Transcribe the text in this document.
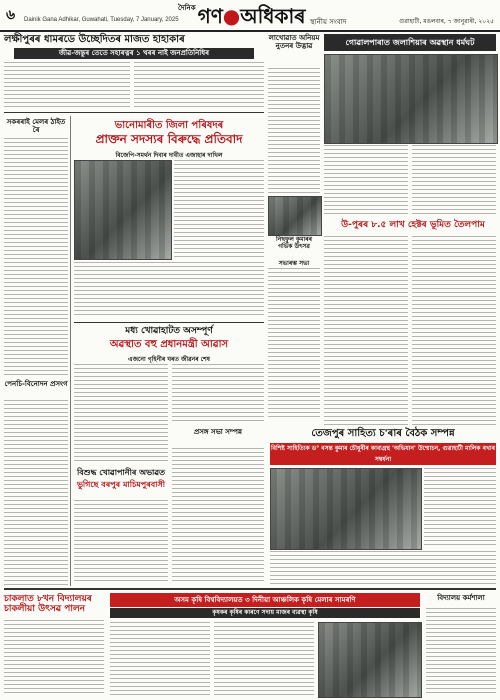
৬ Dainik Gana Adhikar, Guwahati, Tuesday, 7 January, 2025
$^{দৈনিক}$ গণ●অধিকাৰ স্থানীয় সংবাদ	গুৱাহাটী, মঙলবাৰ, ৭ জানুৱাৰী, ২০২৫
লক্ষীপুৰৰ ধামৰডে উচ্ছেদিতৰ মাজত হাহাকাৰ
জীৱ-জন্তুৰ তেতে সহাৰত্নৰ ১ খৰৰ নাই জনপ্ৰতিনিধিৰ
লাখোৱাত অনিয়ম নুতনৰ উদ্ভাৱ	গোৱালপাৰাত জলাশিয়াৰ অৱস্থান ধৰ্মঘট
সকৰৰাই মেলৰ ঠাইত ৰৈ	ভানোমাৰীত জিলা পৰিষদৰ
প্ৰাক্তন সদস্যৰ বিৰুদ্ধে প্ৰতিবাদ
বিজেপি-সমৰ্থন দিবাৰ দাবীত এজাহাৰ দাখিল
নিছফুল কুমাৰৰ গৰ্ভিক উৎসৱ
সভাৰম্ভ সভা
উ-পুৰৰ ৮.৫ লাখ হেক্টৰ ভূমিত তৈলপাম
মধ্য খোৱাহাটত অসম্পূৰ্ণ
অৱস্থাত বহু প্ৰধানমন্ত্ৰী আৱাস
এজনো গৃহিনীৰ ঘৰত জীৱনৰ শেষ
পেনচি-বিনোদন প্ৰসংগ
তেজপুৰ সাহিত্য চ'ৰাৰ বৈঠক সম্পন্ন
বিশিষ্ট সাহিত্যিক ড° বসন্ত কুমাৰ চৌধুৰীৰ কাব্যগ্ৰন্থ 'অভিযান' উন্মোচন, গুৱাহাটী মালিক ৰখাৰ সম্বৰ্ধনা
প্ৰসঙ্গ সভা সম্পন্ন
বিশুদ্ধ খোৱাপানীৰ অভাৱত
ভুগিছে বৰপুৰ মাচিমপুৰবাসী
চাকলাত ৮খন বিদ্যালয়ৰ চাকলীয়া উৎসৱ পালন
অসম কৃষি বিশ্ববিদ্যালয়ত ৩ দিনীয়া আঞ্চলিক কৃষি মেলাৰ সামৰণি
কৃষকৰ কৃষিৰ কাৰণে সদায় মাজৰ ব্যৱস্থা কৃষি
বিদ্যালয় কৰ্মশালা
